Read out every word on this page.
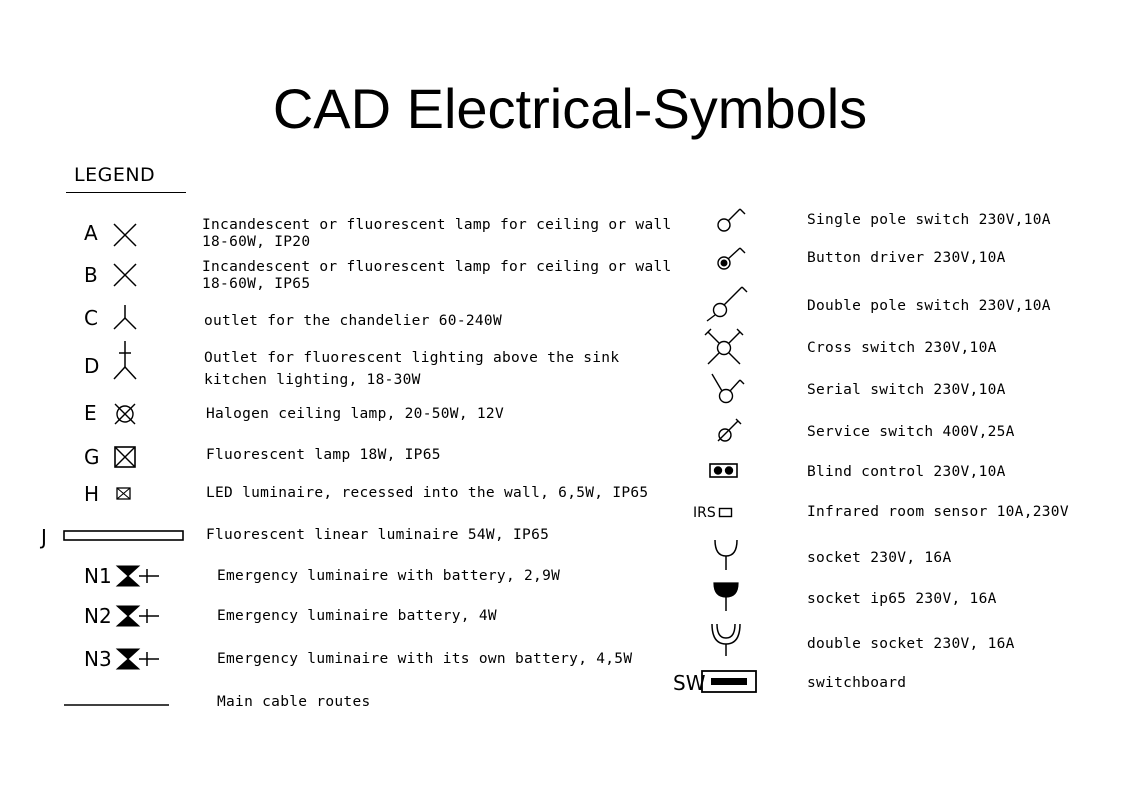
CAD Electrical-Symbols
LEGEND
A	Incandescent or fluorescent lamp for ceiling or wall
18-60W, IP20
B	Incandescent or fluorescent lamp for ceiling or wall
18-60W, IP65
C	outlet for the chandelier 60-240W
D	Outlet for fluorescent lighting above the sink
kitchen lighting, 18-30W
E	Halogen ceiling lamp, 20-50W, 12V
G	Fluorescent lamp 18W, IP65
H	LED luminaire, recessed into the wall, 6,5W, IP65
J	Fluorescent linear luminaire 54W, IP65
N1	Emergency luminaire with battery, 2,9W
N2	Emergency luminaire battery, 4W
N3	Emergency luminaire with its own battery, 4,5W
Main cable routes
Single pole switch 230V,10A
Button driver 230V,10A
Double pole switch 230V,10A
Cross switch 230V,10A
Serial switch 230V,10A
Service switch 400V,25A
Blind control 230V,10A
IRS	Infrared room sensor 10A,230V
socket 230V, 16A
socket ip65 230V, 16A
double socket 230V, 16A
SW	switchboard
